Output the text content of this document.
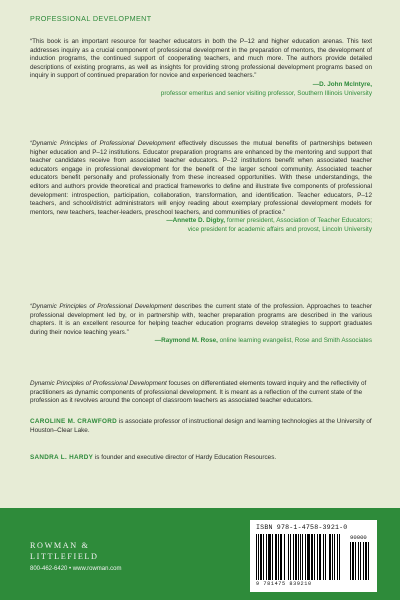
PROFESSIONAL DEVELOPMENT

“This book is an important resource for teacher educators in both the P–12 and higher education arenas. This text addresses inquiry as a crucial component of professional development in the preparation of mentors, the development of induction programs, the continued support of cooperating teachers, and much more. The authors provide detailed descriptions of existing programs, as well as insights for providing strong professional development programs based on inquiry in support of continued preparation for novice and experienced teachers.”

—D. John McIntyre,
professor emeritus and senior visiting professor, Southern Illinois University

“Dynamic Principles of Professional Development effectively discusses the mutual benefits of partnerships between higher education and P–12 institutions. Educator preparation programs are enhanced by the mentoring and support that teacher candidates receive from associated teacher educators. P–12 institutions benefit when associated teacher educators engage in professional development for the benefit of the larger school community. Associated teacher educators benefit personally and professionally from these increased opportunities. With these understandings, the editors and authors provide theoretical and practical frameworks to define and illustrate five components of professional development: introspection, participation, collaboration, transformation, and identification. Teacher educators, P–12 teachers, and school/district administrators will enjoy reading about exemplary professional development models for mentors, new teachers, teacher-leaders, preschool teachers, and communities of practice.”

—Annette D. Digby, former president, Association of Teacher Educators;
vice president for academic affairs and provost, Lincoln University

“Dynamic Principles of Professional Development describes the current state of the profession. Approaches to teacher professional development led by, or in partnership with, teacher preparation programs are described in the various chapters. It is an excellent resource for helping teacher education programs develop strategies to support graduates during their novice teaching years.”

—Raymond M. Rose, online learning evangelist, Rose and Smith Associates
Dynamic Principles of Professional Development focuses on differentiated elements toward inquiry and the reflectivity of practitioners as dynamic components of professional development. It is meant as a reflection of the current state of the profession as it revolves around the concept of classroom teachers as associated teacher educators.
CAROLINE M. CRAWFORD is associate professor of instructional design and learning technologies at the University of Houston–Clear Lake.
SANDRA L. HARDY is founder and executive director of Hardy Education Resources.
ROWMAN &
LITTLEFIELD
800-462-6420 • www.rowman.com
ISBN 978-1-4758-3921-0
9 781475 839210
90000
